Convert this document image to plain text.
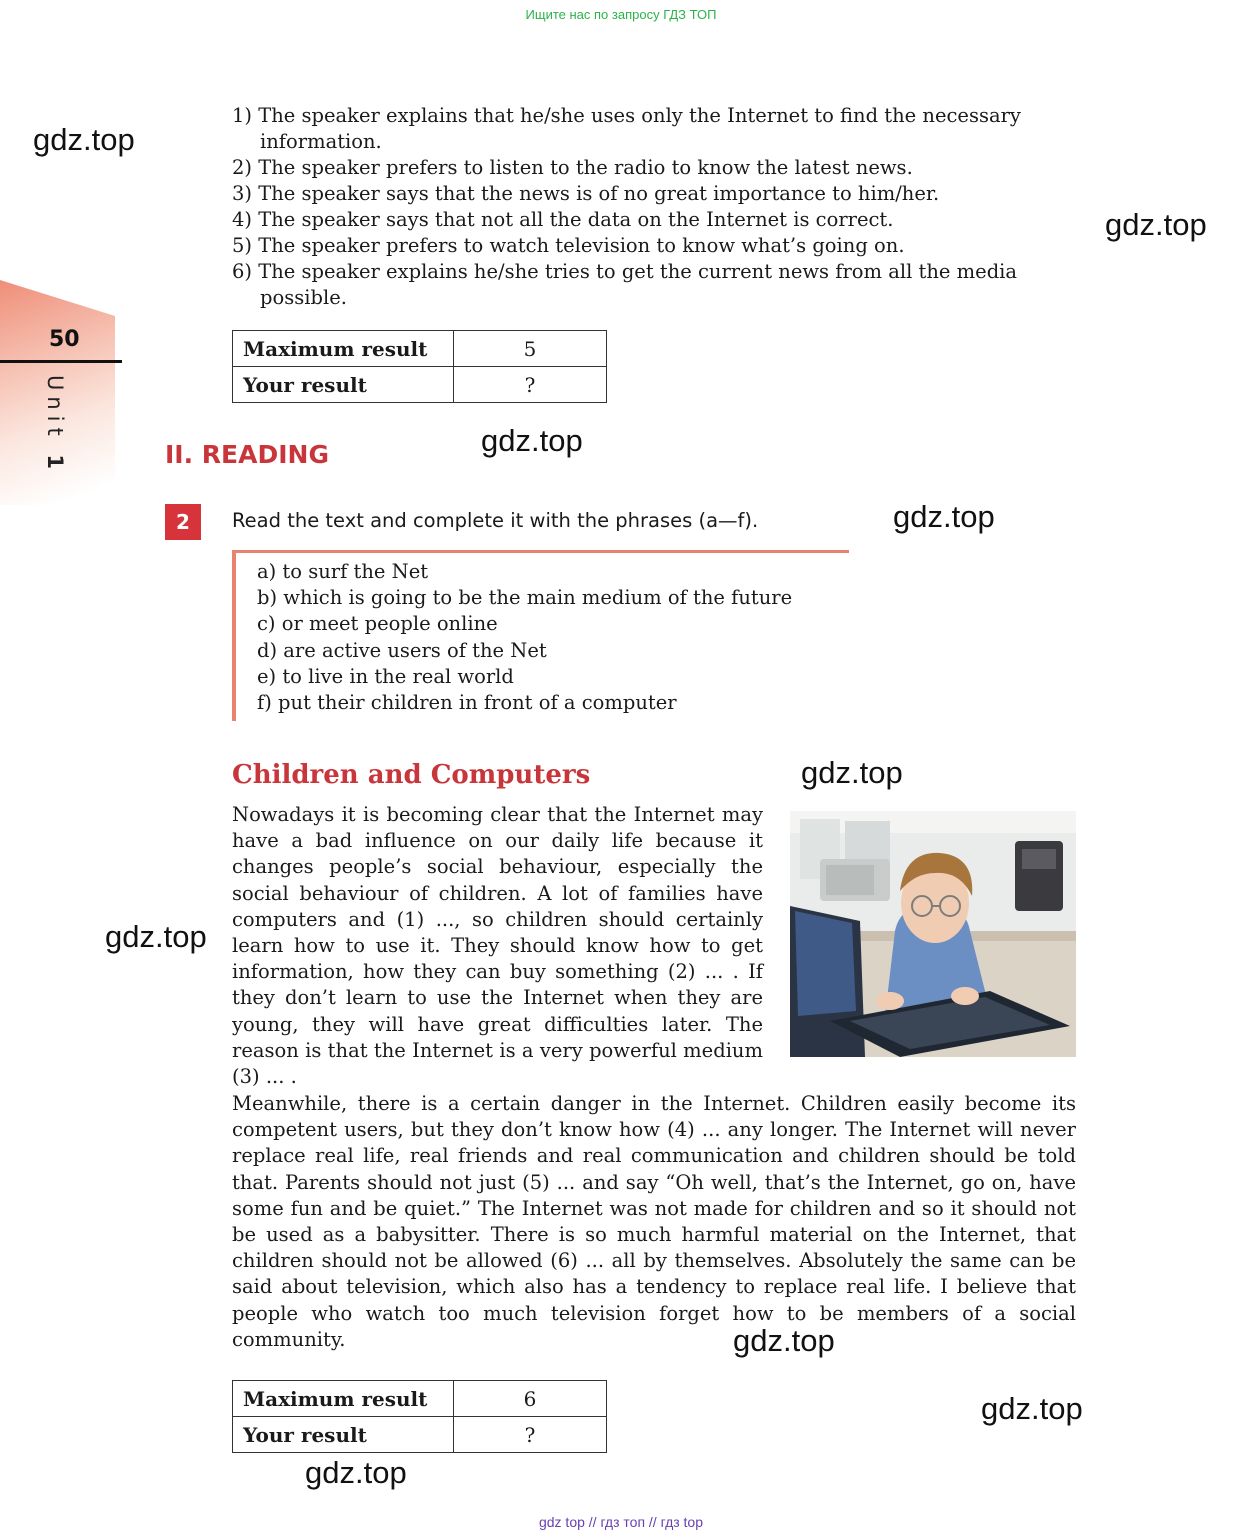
Ищите нас по запросу ГДЗ ТОП
50
Unit 1
1) The speaker explains that he/she uses only the Internet to find the necessary information.
2) The speaker prefers to listen to the radio to know the latest news.
3) The speaker says that the news is of no great importance to him/her.
4) The speaker says that not all the data on the Internet is correct.
5) The speaker prefers to watch television to know what’s going on.
6) The speaker explains he/she tries to get the current news from all the media possible.
Maximum result	5
Your result	?
II. READING
2	Read the text and complete it with the phrases (a—f).
a) to surf the Net
b) which is going to be the main medium of the future
c) or meet people online
d) are active users of the Net
e) to live in the real world
f) put their children in front of a computer
Children and Computers

Nowadays it is becoming clear that the Internet may have a bad influence on our daily life because it changes people’s social behaviour, especially the social behaviour of children. A lot of families have computers and (1) ..., so children should certainly learn how to use it. They should know how to get information, how they can buy something (2) ... . If they don’t learn to use the Internet when they are young, they will have great difficulties later. The reason is that the Internet is a very powerful medium (3) ... .

Meanwhile, there is a certain danger in the Internet. Children easily become its competent users, but they don’t know how (4) ... any longer. The Internet will never replace real life, real friends and real communication and children should be told that. Parents should not just (5) ... and say “Oh well, that’s the Internet, go on, have some fun and be quiet.” The Internet was not made for children and so it should not be used as a babysitter. There is so much harmful material on the Internet, that children should not be allowed (6) ... all by themselves. Absolutely the same can be said about television, which also has a tendency to replace real life. I believe that people who watch too much television forget how to be members of a social community.

Maximum result	6
Your result	?
gdz.top
gdz.top
gdz.top
gdz.top
gdz.top
gdz.top
gdz.top
gdz.top
gdz.top
gdz top // гдз топ // гдз top
